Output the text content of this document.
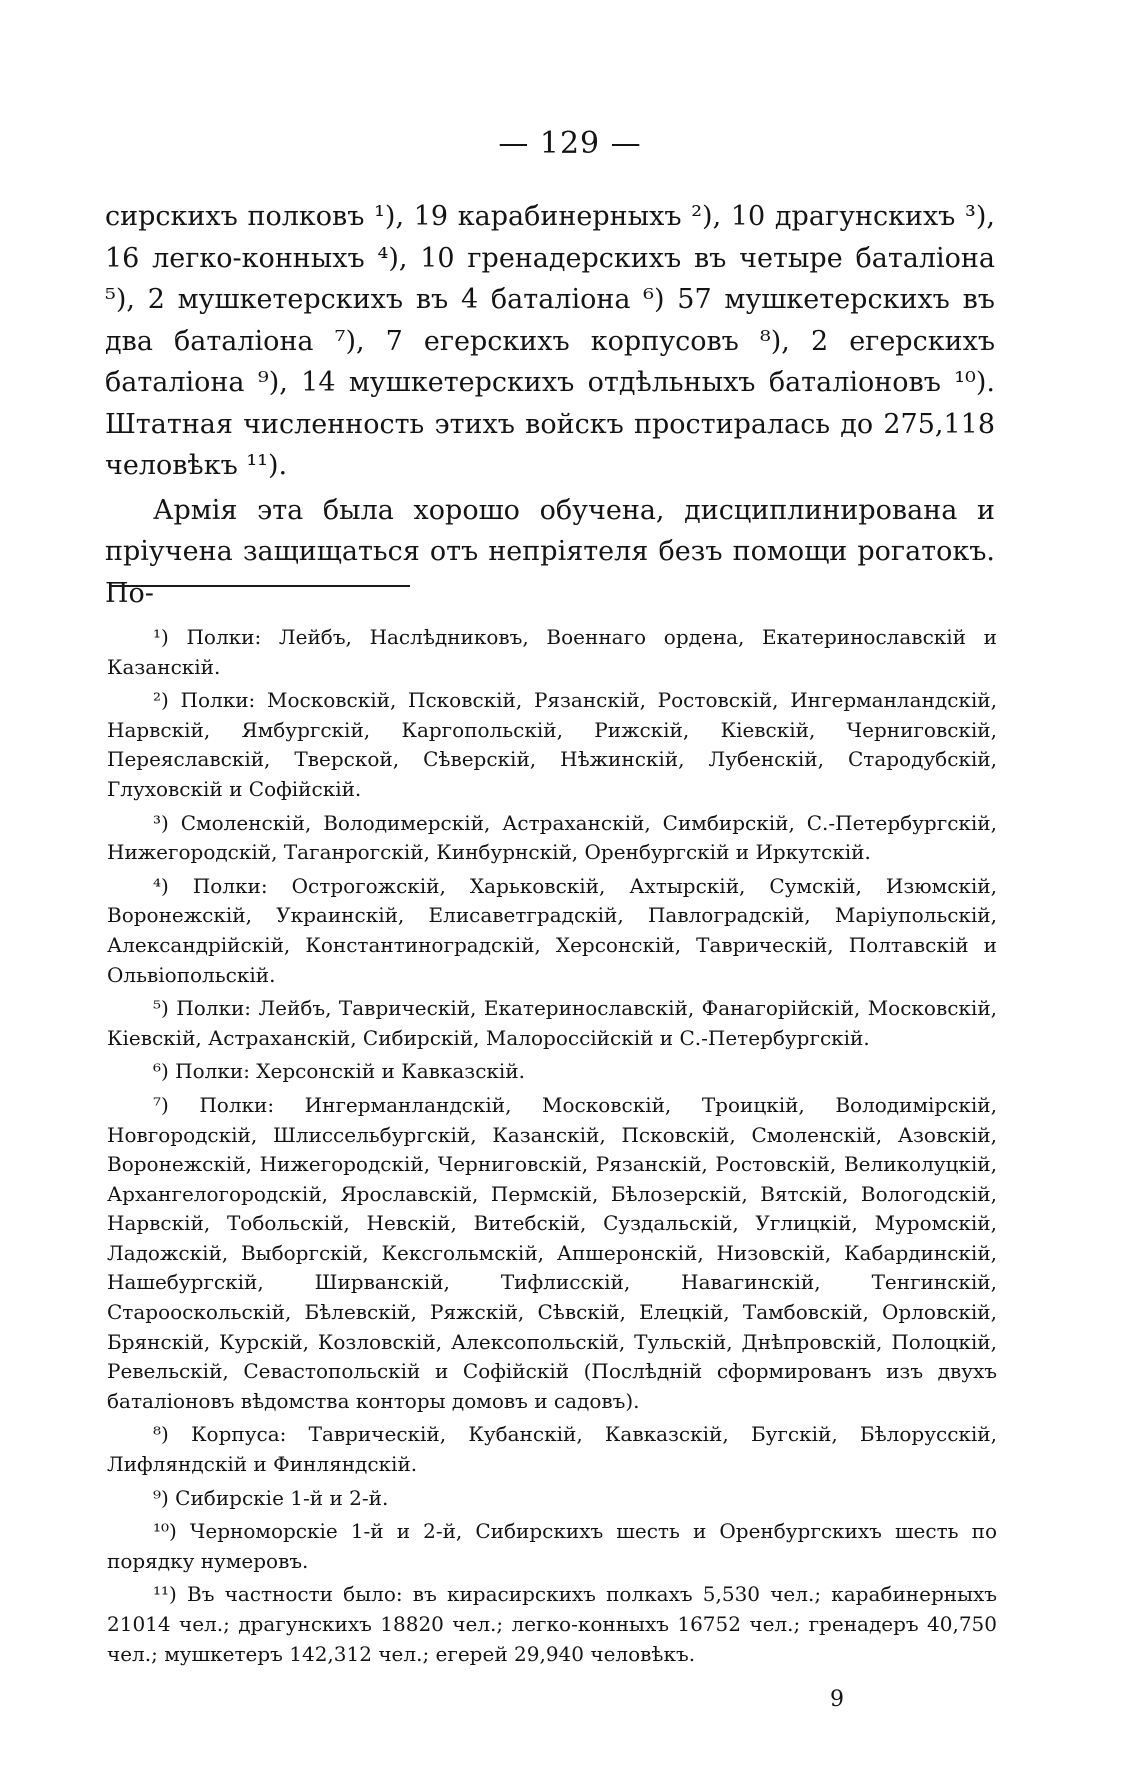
— 129 —

сирскихъ полковъ ¹), 19 карабинерныхъ ²), 10 драгунскихъ ³), 16 легко-конныхъ ⁴), 10 гренадерскихъ въ четыре баталіона ⁵), 2 мушкетерскихъ въ 4 баталіона ⁶) 57 мушкетерскихъ въ два баталіона ⁷), 7 егерскихъ корпусовъ ⁸), 2 егерскихъ баталіона ⁹), 14 мушкетерскихъ отдѣльныхъ баталіоновъ ¹⁰). Штатная численность этихъ войскъ простиралась до 275,118 человѣкъ ¹¹).

Армія эта была хорошо обучена, дисциплинирована и пріучена защищаться отъ непріятеля безъ помощи рогатокъ. По-

¹) Полки: Лейбъ, Наслѣдниковъ, Военнаго ордена, Екатеринославскій и Казанскій.

²) Полки: Московскій, Псковскій, Рязанскій, Ростовскій, Ингерманландскій, Нарвскій, Ямбургскій, Каргопольскій, Рижскій, Кіевскій, Черниговскій, Переяславскій, Тверской, Сѣверскій, Нѣжинскій, Лубенскій, Стародубскій, Глуховскій и Софійскій.

³) Смоленскій, Володимерскій, Астраханскій, Симбирскій, С.-Петербургскій, Нижегородскій, Таганрогскій, Кинбурнскій, Оренбургскій и Иркутскій.

⁴) Полки: Острогожскій, Харьковскій, Ахтырскій, Сумскій, Изюмскій, Воронежскій, Украинскій, Елисаветградскій, Павлоградскій, Маріупольскій, Александрійскій, Константиноградскій, Херсонскій, Таврическій, Полтавскій и Ольвіопольскій.

⁵) Полки: Лейбъ, Таврическій, Екатеринославскій, Фанагорійскій, Московскій, Кіевскій, Астраханскій, Сибирскій, Малороссійскій и С.-Петербургскій.

⁶) Полки: Херсонскій и Кавказскій.

⁷) Полки: Ингерманландскій, Московскій, Троицкій, Володимірскій, Новгородскій, Шлиссельбургскій, Казанскій, Псковскій, Смоленскій, Азовскій, Воронежскій, Нижегородскій, Черниговскій, Рязанскій, Ростовскій, Великолуцкій, Архангелогородскій, Ярославскій, Пермскій, Бѣлозерскій, Вятскій, Вологодскій, Нарвскій, Тобольскій, Невскій, Витебскій, Суздальскій, Углицкій, Муромскій, Ладожскій, Выборгскій, Кексгольмскій, Апшеронскій, Низовскій, Кабардинскій, Нашебургскій, Ширванскій, Тифлисскій, Навагинскій, Тенгинскій, Старооскольскій, Бѣлевскій, Ряжскій, Сѣвскій, Елецкій, Тамбовскій, Орловскій, Брянскій, Курскій, Козловскій, Алексопольскій, Тульскій, Днѣпровскій, Полоцкій, Ревельскій, Севастопольскій и Софійскій (Послѣдній сформированъ изъ двухъ баталіоновъ вѣдомства конторы домовъ и садовъ).

⁸) Корпуса: Таврическій, Кубанскій, Кавказскій, Бугскій, Бѣлорусскій, Лифляндскій и Финляндскій.

⁹) Сибирскіе 1-й и 2-й.

¹⁰) Черноморскіе 1-й и 2-й, Сибирскихъ шесть и Оренбургскихъ шесть по порядку нумеровъ.

¹¹) Въ частности было: въ кирасирскихъ полкахъ 5,530 чел.; карабинерныхъ 21014 чел.; драгунскихъ 18820 чел.; легко-конныхъ 16752 чел.; гренадеръ 40,750 чел.; мушкетеръ 142,312 чел.; егерей 29,940 человѣкъ.

9
